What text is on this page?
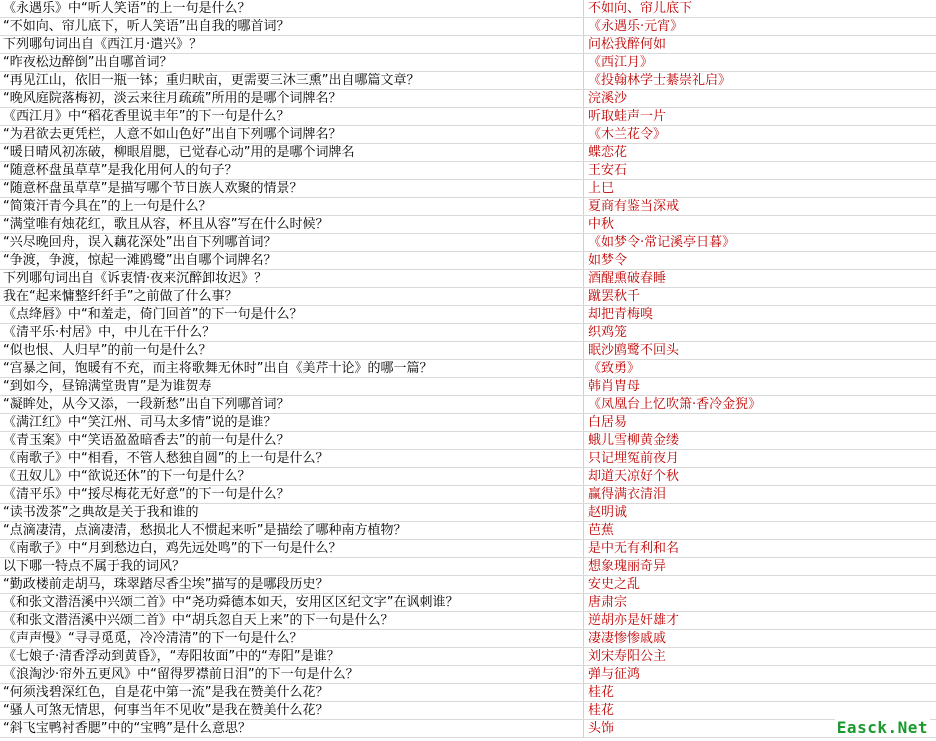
《永遇乐》中“听人笑语”的上一句是什么？	不如向、帘儿底下
“不如向、帘儿底下，听人笑语”出自我的哪首词？	《永遇乐·元宵》
下列哪句词出自《西江月·遣兴》？	问松我醉何如
“昨夜松边醉倒”出自哪首词？	《西江月》
“再见江山，依旧一瓶一钵；重归畎亩，更需要三沐三熏”出自哪篇文章？	《投翰林学士綦崇礼启》
“晚风庭院落梅初，淡云来往月疏疏”所用的是哪个词牌名？	浣溪沙
《西江月》中“稻花香里说丰年”的下一句是什么？	听取蛙声一片
“为君欲去更凭栏，人意不如山色好”出自下列哪个词牌名？	《木兰花令》
“暖日晴风初冻破，柳眼眉腮，已觉春心动”用的是哪个词牌名	蝶恋花
“随意杯盘虽草草”是我化用何人的句子？	王安石
“随意杯盘虽草草”是描写哪个节日族人欢聚的情景？	上巳
“简策汗青今具在”的上一句是什么？	夏商有鉴当深戒
“满堂唯有烛花红，歌且从容，杯且从容”写在什么时候？	中秋
“兴尽晚回舟，误入藕花深处”出自下列哪首词？	《如梦令·常记溪亭日暮》
“争渡，争渡，惊起一滩鸥鹭”出自哪个词牌名？	如梦令
下列哪句词出自《诉衷情·夜来沉醉卸妆迟》？	酒醒熏破春睡
我在“起来慵整纤纤手”之前做了什么事？	蹴罢秋千
《点绛唇》中“和羞走，倚门回首”的下一句是什么？	却把青梅嗅
《清平乐·村居》中，中儿在干什么？	织鸡笼
“似也恨、人归早”的前一句是什么？	眠沙鸥鹭不回头
“宫暴之间，饱暖有不充，而主将歌舞无休时”出自《美芹十论》的哪一篇？	《致勇》
“到如今，昼锦满堂贵胄”是为谁贺寿	韩肖胄母
“凝眸处，从今又添，一段新愁”出自下列哪首词？	《凤凰台上忆吹箫·香冷金猊》
《满江红》中“笑江州、司马太多情”说的是谁？	白居易
《青玉案》中“笑语盈盈暗香去”的前一句是什么？	蛾儿雪柳黄金缕
《南歌子》中“相看，不管人愁独自圆”的上一句是什么？	只记埋冤前夜月
《丑奴儿》中“欲说还休”的下一句是什么？	却道天凉好个秋
《清平乐》中“挼尽梅花无好意”的下一句是什么？	赢得满衣清泪
“读书泼茶”之典故是关于我和谁的	赵明诚
“点滴凄清，点滴凄清，愁损北人不惯起来听”是描绘了哪种南方植物？	芭蕉
《南歌子》中“月到愁边白，鸡先远处鸣”的下一句是什么？	是中无有利和名
以下哪一特点不属于我的词风？	想象瑰丽奇异
“勤政楼前走胡马，珠翠踏尽香尘埃”描写的是哪段历史？	安史之乱
《和张文潜浯溪中兴颂二首》中“尧功舜德本如天，安用区区纪文字”在讽刺谁？	唐肃宗
《和张文潜浯溪中兴颂二首》中“胡兵忽自天上来”的下一句是什么？	逆胡亦是奸雄才
《声声慢》“寻寻觅觅，冷冷清清”的下一句是什么？	凄凄惨惨戚戚
《七娘子·清香浮动到黄昏》，“寿阳妆面”中的“寿阳”是谁？	刘宋寿阳公主
《浪淘沙·帘外五更风》中“留得罗襟前日泪”的下一句是什么？	弹与征鸿
“何须浅碧深红色，自是花中第一流”是我在赞美什么花？	桂花
“骚人可煞无情思，何事当年不见收”是我在赞美什么花？	桂花
“斜飞宝鸭衬香腮”中的“宝鸭”是什么意思？	头饰	Easck.Net
